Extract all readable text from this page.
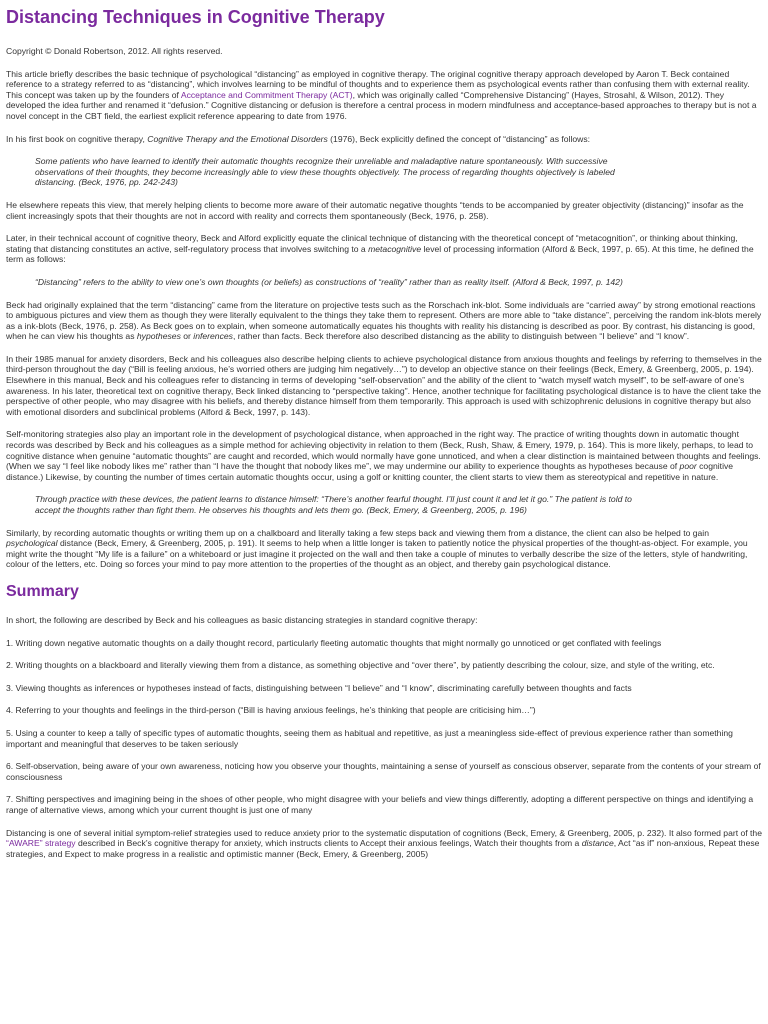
Distancing Techniques in Cognitive Therapy

Copyright © Donald Robertson, 2012. All rights reserved.

This article briefly describes the basic technique of psychological “distancing” as employed in cognitive therapy. The original cognitive therapy approach developed by Aaron T. Beck contained reference to a strategy referred to as “distancing”, which involves learning to be mindful of thoughts and to experience them as psychological events rather than confusing them with external reality. This concept was taken up by the founders of Acceptance and Commitment Therapy (ACT), which was originally called “Comprehensive Distancing” (Hayes, Strosahl, & Wilson, 2012). They developed the idea further and renamed it “defusion.” Cognitive distancing or defusion is therefore a central process in modern mindfulness and acceptance-based approaches to therapy but is not a novel concept in the CBT field, the earliest explicit reference appearing to date from 1976.

In his first book on cognitive therapy, Cognitive Therapy and the Emotional Disorders (1976), Beck explicitly defined the concept of “distancing” as follows:

Some patients who have learned to identify their automatic thoughts recognize their unreliable and maladaptive nature spontaneously. With successive observations of their thoughts, they become increasingly able to view these thoughts objectively. The process of regarding thoughts objectively is labeled distancing. (Beck, 1976, pp. 242-243)

He elsewhere repeats this view, that merely helping clients to become more aware of their automatic negative thoughts “tends to be accompanied by greater objectivity (distancing)” insofar as the client increasingly spots that their thoughts are not in accord with reality and corrects them spontaneously (Beck, 1976, p. 258).

Later, in their technical account of cognitive theory, Beck and Alford explicitly equate the clinical technique of distancing with the theoretical concept of “metacognition”, or thinking about thinking, stating that distancing constitutes an active, self-regulatory process that involves switching to a metacognitive level of processing information (Alford & Beck, 1997, p. 65). At this time, he defined the term as follows:

“Distancing” refers to the ability to view one’s own thoughts (or beliefs) as constructions of “reality” rather than as reality itself. (Alford & Beck, 1997, p. 142)

Beck had originally explained that the term “distancing” came from the literature on projective tests such as the Rorschach ink-blot. Some individuals are “carried away” by strong emotional reactions to ambiguous pictures and view them as though they were literally equivalent to the things they take them to represent. Others are more able to “take distance”, perceiving the random ink-blots merely as a ink-blots (Beck, 1976, p. 258). As Beck goes on to explain, when someone automatically equates his thoughts with reality his distancing is described as poor. By contrast, his distancing is good, when he can view his thoughts as hypotheses or inferences, rather than facts. Beck therefore also described distancing as the ability to distinguish between “I believe” and “I know”.

In their 1985 manual for anxiety disorders, Beck and his colleagues also describe helping clients to achieve psychological distance from anxious thoughts and feelings by referring to themselves in the third-person throughout the day (“Bill is feeling anxious, he’s worried others are judging him negatively…”) to develop an objective stance on their feelings (Beck, Emery, & Greenberg, 2005, p. 194). Elsewhere in this manual, Beck and his colleagues refer to distancing in terms of developing “self-observation” and the ability of the client to “watch myself watch myself”, to be self-aware of one’s awareness. In his later, theoretical text on cognitive therapy, Beck linked distancing to “perspective taking”. Hence, another technique for facilitating psychological distance is to have the client take the perspective of other people, who may disagree with his beliefs, and thereby distance himself from them temporarily. This approach is used with schizophrenic delusions in cognitive therapy but also with emotional disorders and subclinical problems (Alford & Beck, 1997, p. 143).

Self-monitoring strategies also play an important role in the development of psychological distance, when approached in the right way. The practice of writing thoughts down in automatic thought records was described by Beck and his colleagues as a simple method for achieving objectivity in relation to them (Beck, Rush, Shaw, & Emery, 1979, p. 164). This is more likely, perhaps, to lead to cognitive distance when genuine “automatic thoughts” are caught and recorded, which would normally have gone unnoticed, and when a clear distinction is maintained between thoughts and feelings. (When we say “I feel like nobody likes me” rather than “I have the thought that nobody likes me”, we may undermine our ability to experience thoughts as hypotheses because of poor cognitive distance.) Likewise, by counting the number of times certain automatic thoughts occur, using a golf or knitting counter, the client starts to view them as stereotypical and repetitive in nature.

Through practice with these devices, the patient learns to distance himself: “There’s another fearful thought. I’ll just count it and let it go.” The patient is told to accept the thoughts rather than fight them. He observes his thoughts and lets them go. (Beck, Emery, & Greenberg, 2005, p. 196)

Similarly, by recording automatic thoughts or writing them up on a chalkboard and literally taking a few steps back and viewing them from a distance, the client can also be helped to gain psychological distance (Beck, Emery, & Greenberg, 2005, p. 191). It seems to help when a little longer is taken to patiently notice the physical properties of the thought-as-object. For example, you might write the thought “My life is a failure” on a whiteboard or just imagine it projected on the wall and then take a couple of minutes to verbally describe the size of the letters, style of handwriting, colour of the letters, etc. Doing so forces your mind to pay more attention to the properties of the thought as an object, and thereby gain psychological distance.

Summary

In short, the following are described by Beck and his colleagues as basic distancing strategies in standard cognitive therapy:

1. Writing down negative automatic thoughts on a daily thought record, particularly fleeting automatic thoughts that might normally go unnoticed or get conflated with feelings

2. Writing thoughts on a blackboard and literally viewing them from a distance, as something objective and “over there”, by patiently describing the colour, size, and style of the writing, etc.

3. Viewing thoughts as inferences or hypotheses instead of facts, distinguishing between “I believe” and “I know”, discriminating carefully between thoughts and facts

4. Referring to your thoughts and feelings in the third-person (“Bill is having anxious feelings, he’s thinking that people are criticising him…”)

5. Using a counter to keep a tally of specific types of automatic thoughts, seeing them as habitual and repetitive, as just a meaningless side-effect of previous experience rather than something important and meaningful that deserves to be taken seriously

6. Self-observation, being aware of your own awareness, noticing how you observe your thoughts, maintaining a sense of yourself as conscious observer, separate from the contents of your stream of consciousness

7. Shifting perspectives and imagining being in the shoes of other people, who might disagree with your beliefs and view things differently, adopting a different perspective on things and identifying a range of alternative views, among which your current thought is just one of many

Distancing is one of several initial symptom-relief strategies used to reduce anxiety prior to the systematic disputation of cognitions (Beck, Emery, & Greenberg, 2005, p. 232). It also formed part of the “AWARE” strategy described in Beck’s cognitive therapy for anxiety, which instructs clients to Accept their anxious feelings, Watch their thoughts from a distance, Act “as if” non-anxious, Repeat these strategies, and Expect to make progress in a realistic and optimistic manner (Beck, Emery, & Greenberg, 2005)
